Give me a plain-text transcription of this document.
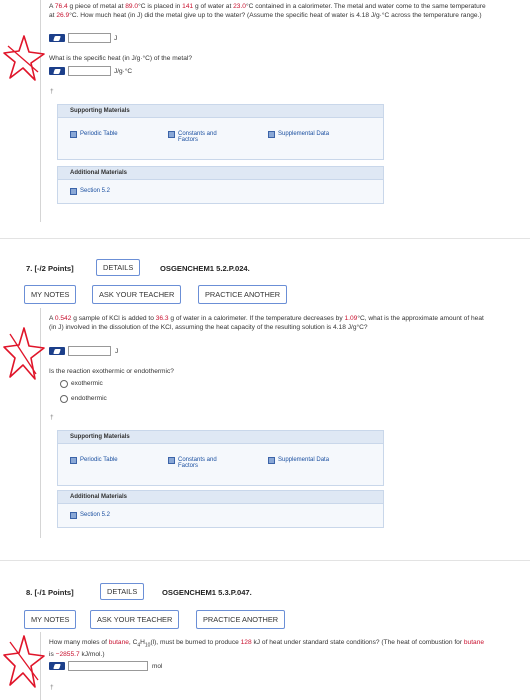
A 76.4 g piece of metal at 89.0°C is placed in 141 g of water at 23.0°C contained in a calorimeter. The metal and water come to the same temperature at 26.9°C. How much heat (in J) did the metal give up to the water? (Assume the specific heat of water is 4.18 J/g·°C across the temperature range.)
J
What is the specific heat (in J/g·°C) of the metal?
J/g·°C
†
Supporting Materials
Periodic Table	Constants and Factors
Supplemental Data
Additional Materials
Section 5.2
7. [-/2 Points]	DETAILS	OSGENCHEM1 5.2.P.024.
MY NOTES	ASK YOUR TEACHER	PRACTICE ANOTHER
A 0.542 g sample of KCl is added to 36.3 g of water in a calorimeter. If the temperature decreases by 1.09°C, what is the approximate amount of heat (in J) involved in the dissolution of the KCl, assuming the heat capacity of the resulting solution is 4.18 J/g°C?
J
Is the reaction exothermic or endothermic?
exothermic
endothermic
†
Supporting Materials
Periodic Table	Constants and Factors
Supplemental Data
Additional Materials
Section 5.2
8. [-/1 Points]	DETAILS	OSGENCHEM1 5.3.P.047.
MY NOTES	ASK YOUR TEACHER	PRACTICE ANOTHER
How many moles of butane, $C_4H_{10}(l)$, must be burned to produce 128 kJ of heat under standard state conditions? (The heat of combustion for butane is −2855.7 kJ/mol.)
mol
†
